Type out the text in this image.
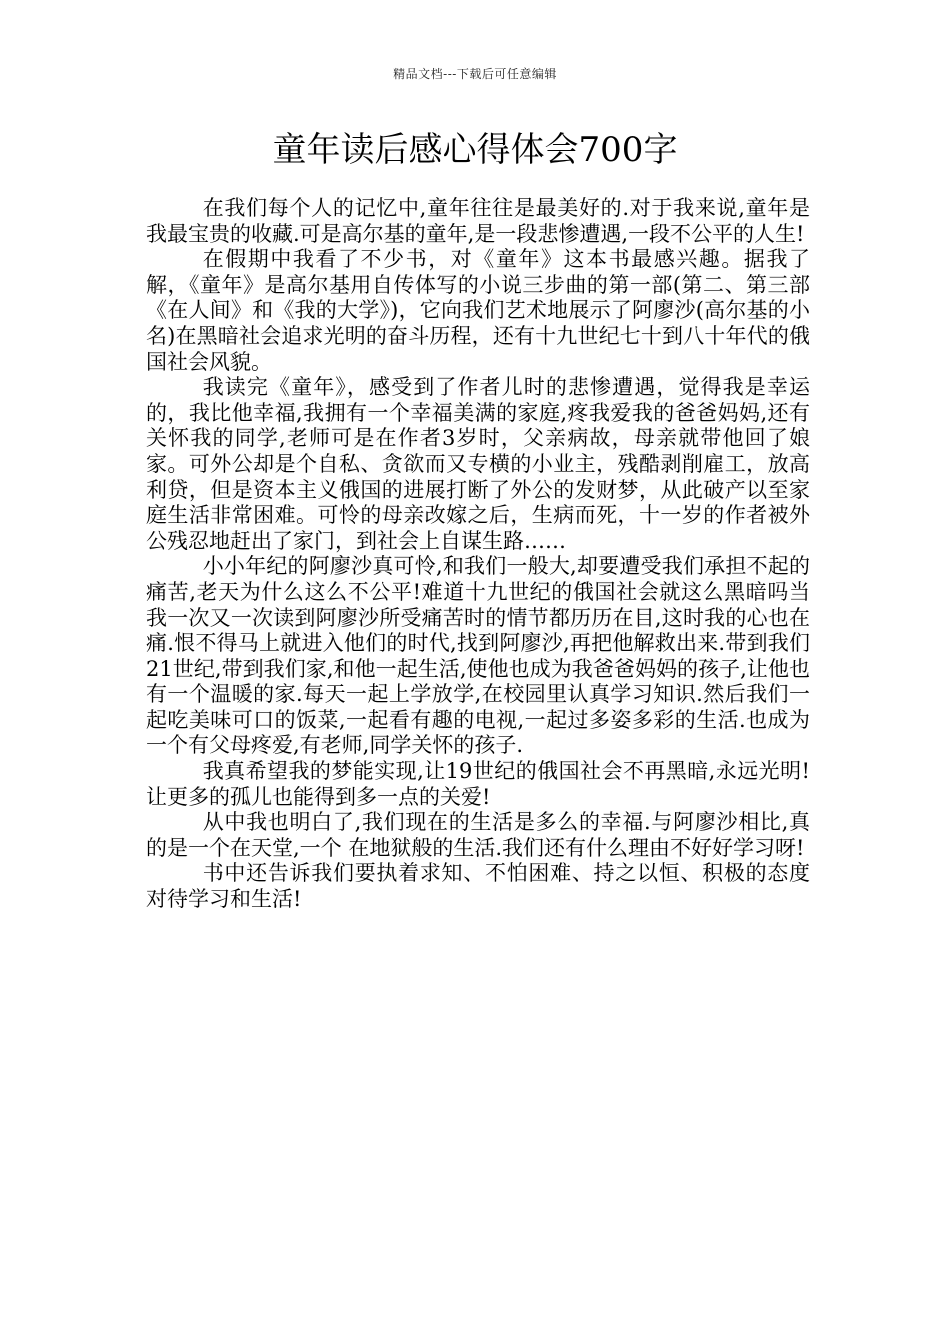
精品文档---下载后可任意编辑
童年读后感心得体会700字

在我们每个人的记忆中,童年往往是最美好的.对于我来说,童年是我最宝贵的收藏.可是高尔基的童年,是一段悲惨遭遇,一段不公平的人生!

在假期中我看了不少书，对《童年》这本书最感兴趣。据我了解，《童年》是高尔基用自传体写的小说三步曲的第一部(第二、第三部《在人间》和《我的大学》)，它向我们艺术地展示了阿廖沙(高尔基的小名)在黑暗社会追求光明的奋斗历程，还有十九世纪七十到八十年代的俄国社会风貌。

我读完《童年》，感受到了作者儿时的悲惨遭遇，觉得我是幸运的，我比他幸福,我拥有一个幸福美满的家庭,疼我爱我的爸爸妈妈,还有关怀我的同学,老师可是在作者3岁时，父亲病故，母亲就带他回了娘家。可外公却是个自私、贪欲而又专横的小业主，残酷剥削雇工，放高利贷，但是资本主义俄国的进展打断了外公的发财梦，从此破产以至家庭生活非常困难。可怜的母亲改嫁之后，生病而死，十一岁的作者被外公残忍地赶出了家门，到社会上自谋生路……

小小年纪的阿廖沙真可怜,和我们一般大,却要遭受我们承担不起的痛苦,老天为什么这么不公平!难道十九世纪的俄国社会就这么黑暗吗当我一次又一次读到阿廖沙所受痛苦时的情节都历历在目,这时我的心也在痛.恨不得马上就进入他们的时代,找到阿廖沙,再把他解救出来.带到我们21世纪,带到我们家,和他一起生活,使他也成为我爸爸妈妈的孩子,让他也有一个温暖的家.每天一起上学放学,在校园里认真学习知识.然后我们一起吃美味可口的饭菜,一起看有趣的电视,一起过多姿多彩的生活.也成为一个有父母疼爱,有老师,同学关怀的孩子.

我真希望我的梦能实现,让19世纪的俄国社会不再黑暗,永远光明!让更多的孤儿也能得到多一点的关爱!

从中我也明白了,我们现在的生活是多么的幸福.与阿廖沙相比,真的是一个在天堂,一个 在地狱般的生活.我们还有什么理由不好好学习呀!

书中还告诉我们要执着求知、不怕困难、持之以恒、积极的态度对待学习和生活!
